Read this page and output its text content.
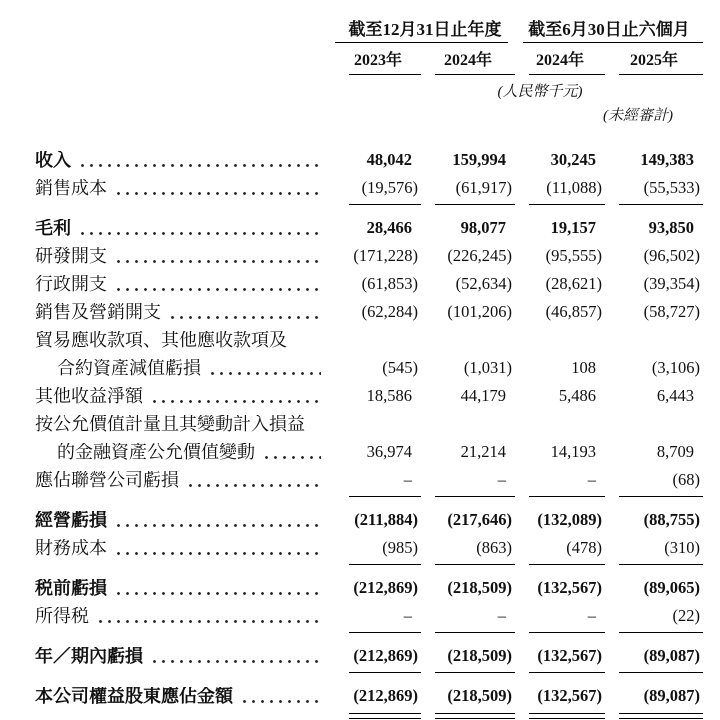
截至12月31日止年度	截至6月30日止六個月
2023年	2024年	2024年	2025年
(人民幣千元)
(未經審計)
收入	48,042	159,994	30,245	149,383
銷售成本	(19,576)	(61,917)	(11,088)	(55,533)
毛利	28,466	98,077	19,157	93,850
研發開支	(171,228)	(226,245)	(95,555)	(96,502)
行政開支	(61,853)	(52,634)	(28,621)	(39,354)
銷售及營銷開支	(62,284)	(101,206)	(46,857)	(58,727)
貿易應收款項、其他應收款項及
合約資產減值虧損	(545)	(1,031)	108	(3,106)
其他收益淨額	18,586	44,179	5,486	6,443
按公允價值計量且其變動計入損益
的金融資產公允價值變動	36,974	21,214	14,193	8,709
應佔聯營公司虧損	–	–	–	(68)
經營虧損	(211,884)	(217,646)	(132,089)	(88,755)
財務成本	(985)	(863)	(478)	(310)
税前虧損	(212,869)	(218,509)	(132,567)	(89,065)
所得税	–	–	–	(22)
年／期內虧損	(212,869)	(218,509)	(132,567)	(89,087)
本公司權益股東應佔金額	(212,869)	(218,509)	(132,567)	(89,087)
